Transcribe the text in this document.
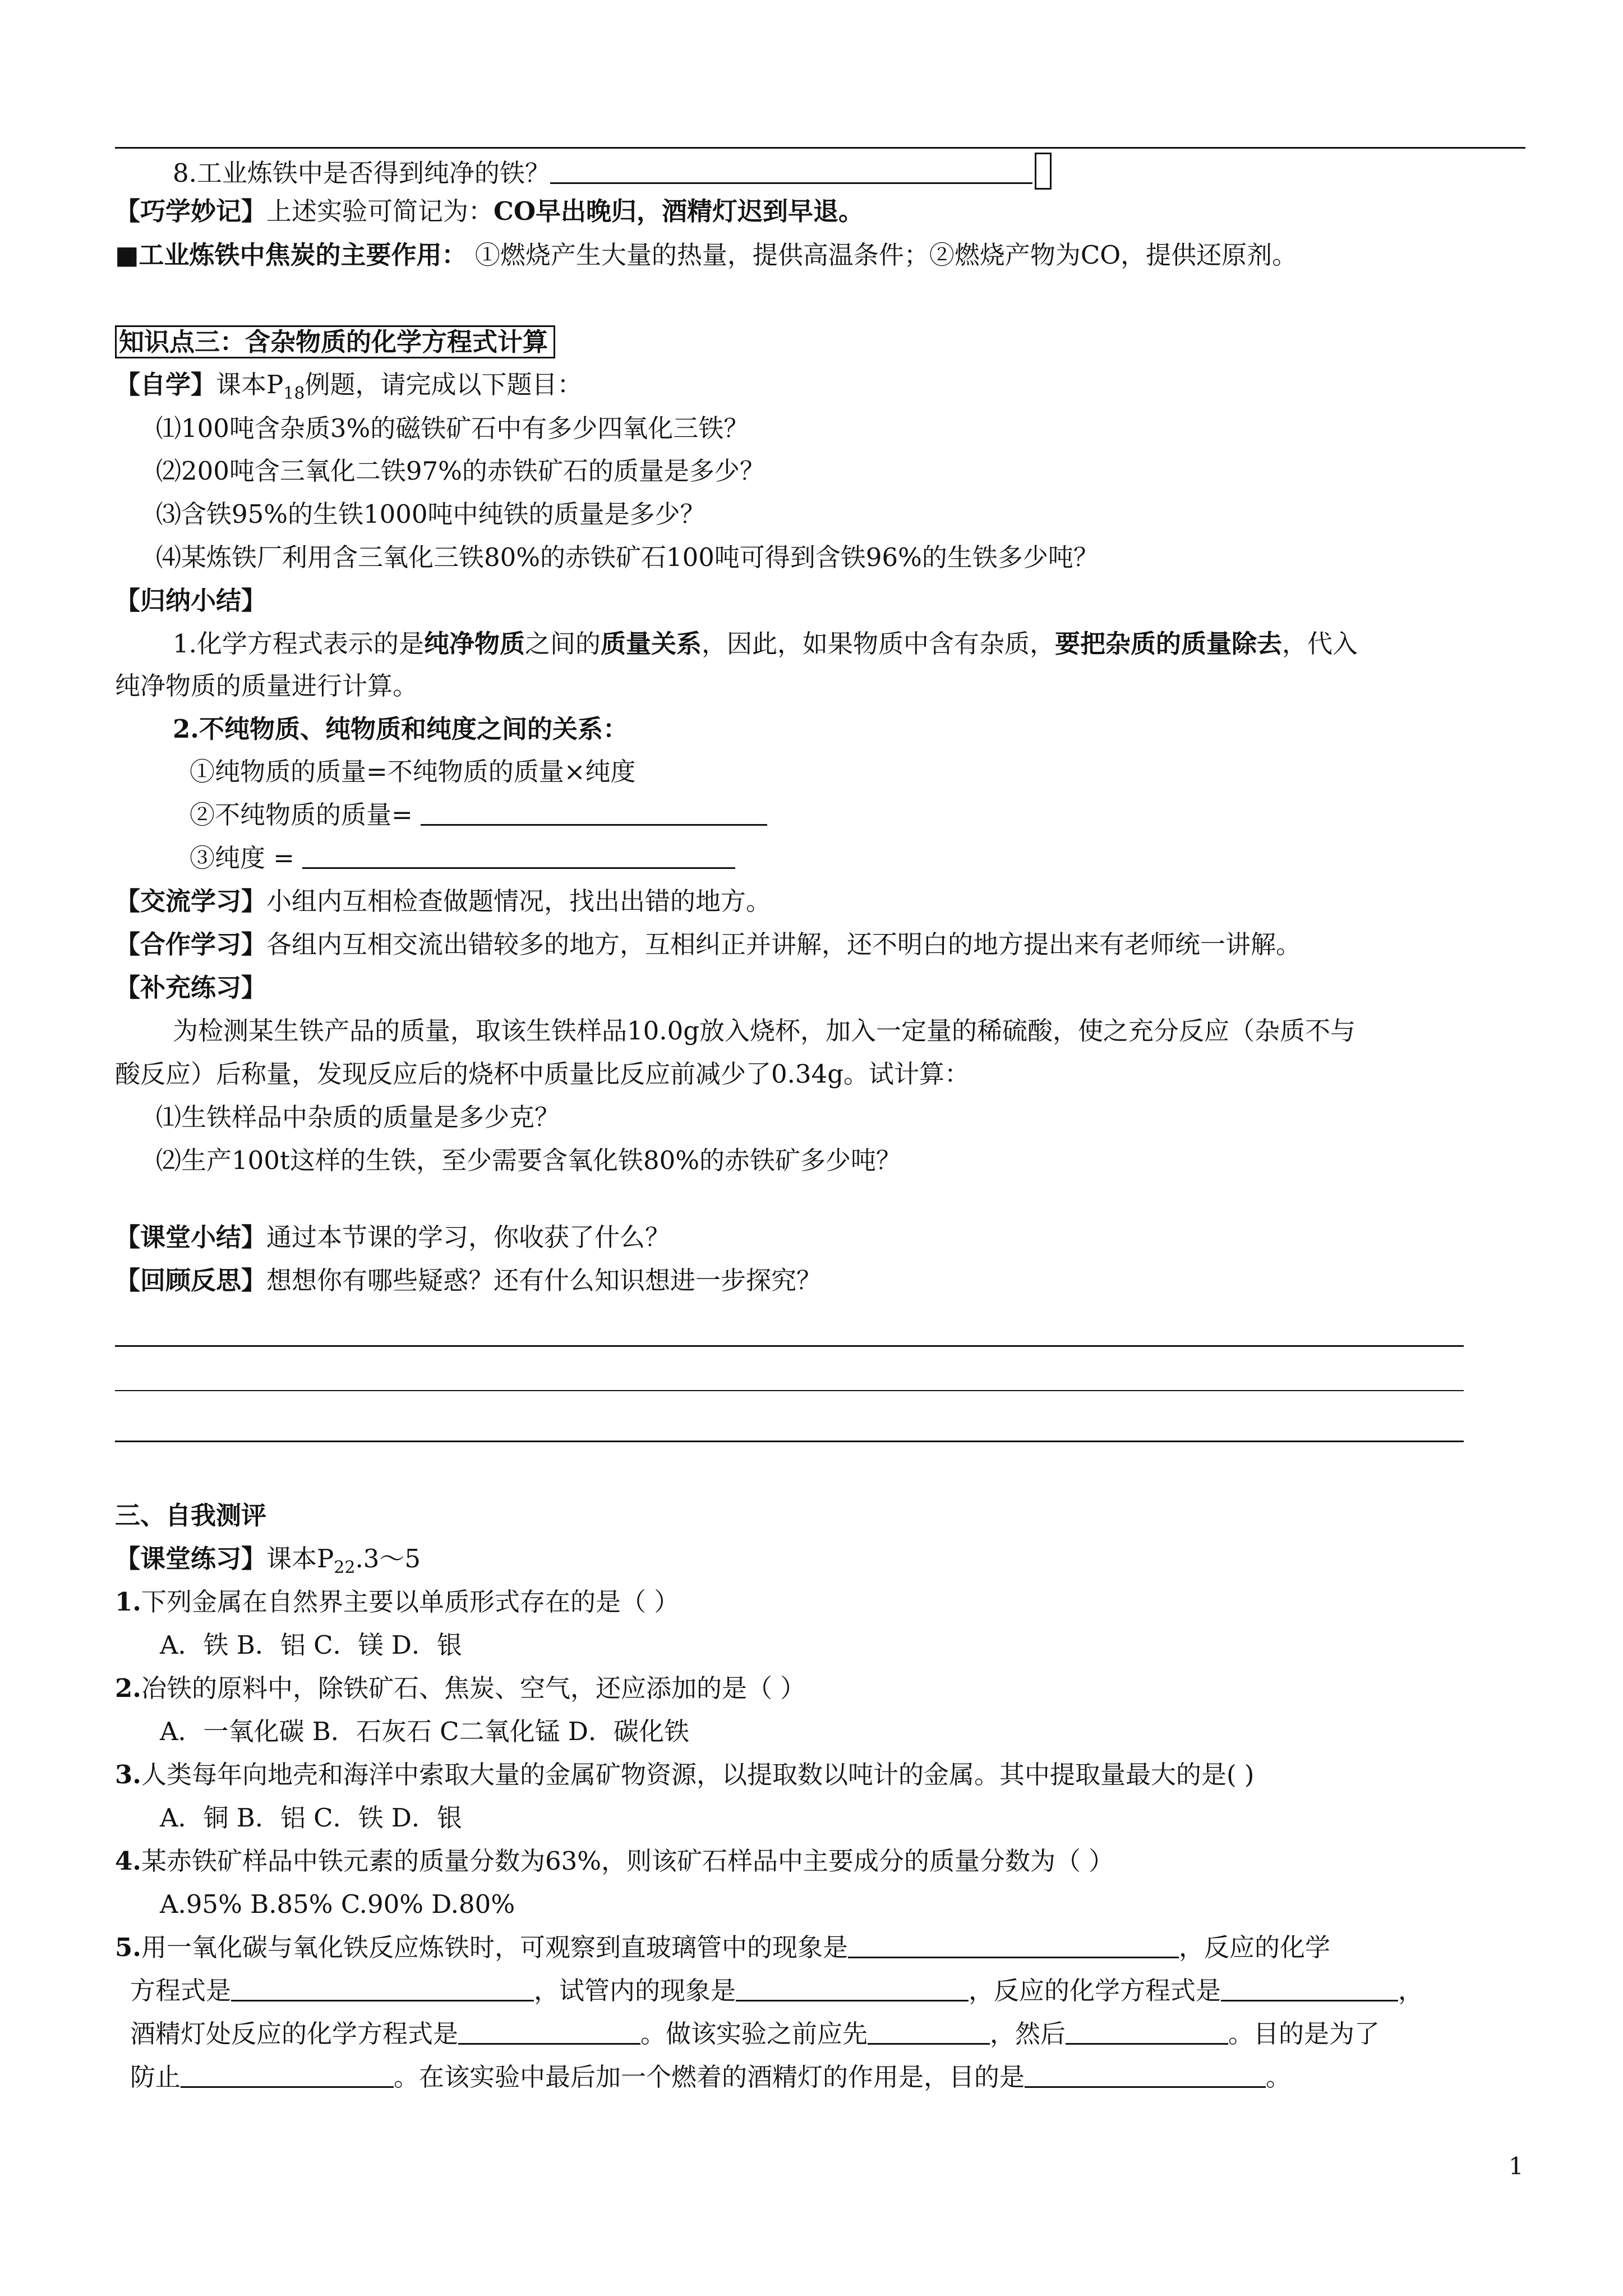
8.工业炼铁中是否得到纯净的铁？
【巧学妙记】上述实验可简记为：CO早出晚归，酒精灯迟到早退。
■工业炼铁中焦炭的主要作用： ①燃烧产生大量的热量，提供高温条件；②燃烧产物为CO，提供还原剂。
知识点三：含杂物质的化学方程式计算
【自学】课本$P_{18}$例题，请完成以下题目：
⑴100吨含杂质3%的磁铁矿石中有多少四氧化三铁？
⑵200吨含三氧化二铁97%的赤铁矿石的质量是多少？
⑶含铁95%的生铁1000吨中纯铁的质量是多少？
⑷某炼铁厂利用含三氧化三铁80%的赤铁矿石100吨可得到含铁96%的生铁多少吨？
【归纳小结】
1.化学方程式表示的是纯净物质之间的质量关系，因此，如果物质中含有杂质，要把杂质的质量除去，代入
纯净物质的质量进行计算。
2.不纯物质、纯物质和纯度之间的关系：
①纯物质的质量=不纯物质的质量×纯度
②不纯物质的质量=
③纯度 =
【交流学习】小组内互相检查做题情况，找出出错的地方。
【合作学习】各组内互相交流出错较多的地方，互相纠正并讲解，还不明白的地方提出来有老师统一讲解。
【补充练习】
为检测某生铁产品的质量，取该生铁样品10.0g放入烧杯，加入一定量的稀硫酸，使之充分反应（杂质不与
酸反应）后称量，发现反应后的烧杯中质量比反应前减少了0.34g。试计算：
⑴生铁样品中杂质的质量是多少克？
⑵生产100t这样的生铁，至少需要含氧化铁80%的赤铁矿多少吨？
【课堂小结】通过本节课的学习，你收获了什么？
【回顾反思】想想你有哪些疑惑？还有什么知识想进一步探究？
三、自我测评
【课堂练习】课本$P_{22}.3\sim 5$
1.下列金属在自然界主要以单质形式存在的是（ ）
A．铁 B．铝 C．镁 D．银
2.冶铁的原料中，除铁矿石、焦炭、空气，还应添加的是（ ）
A．一氧化碳 B．石灰石 C二氧化锰 D．碳化铁
3.人类每年向地壳和海洋中索取大量的金属矿物资源，以提取数以吨计的金属。其中提取量最大的是( )
A．铜 B．铝 C．铁 D．银
4.某赤铁矿样品中铁元素的质量分数为63%，则该矿石样品中主要成分的质量分数为（ ）
A.95% B.85% C.90% D.80%
5.用一氧化碳与氧化铁反应炼铁时，可观察到直玻璃管中的现象是	，反应的化学
方程式是	，试管内的现象是	，反应的化学方程式是	，
酒精灯处反应的化学方程式是	。做该实验之前应先	，然后	。目的是为了
防止	。在该实验中最后加一个燃着的酒精灯的作用是，目的是	。
1
